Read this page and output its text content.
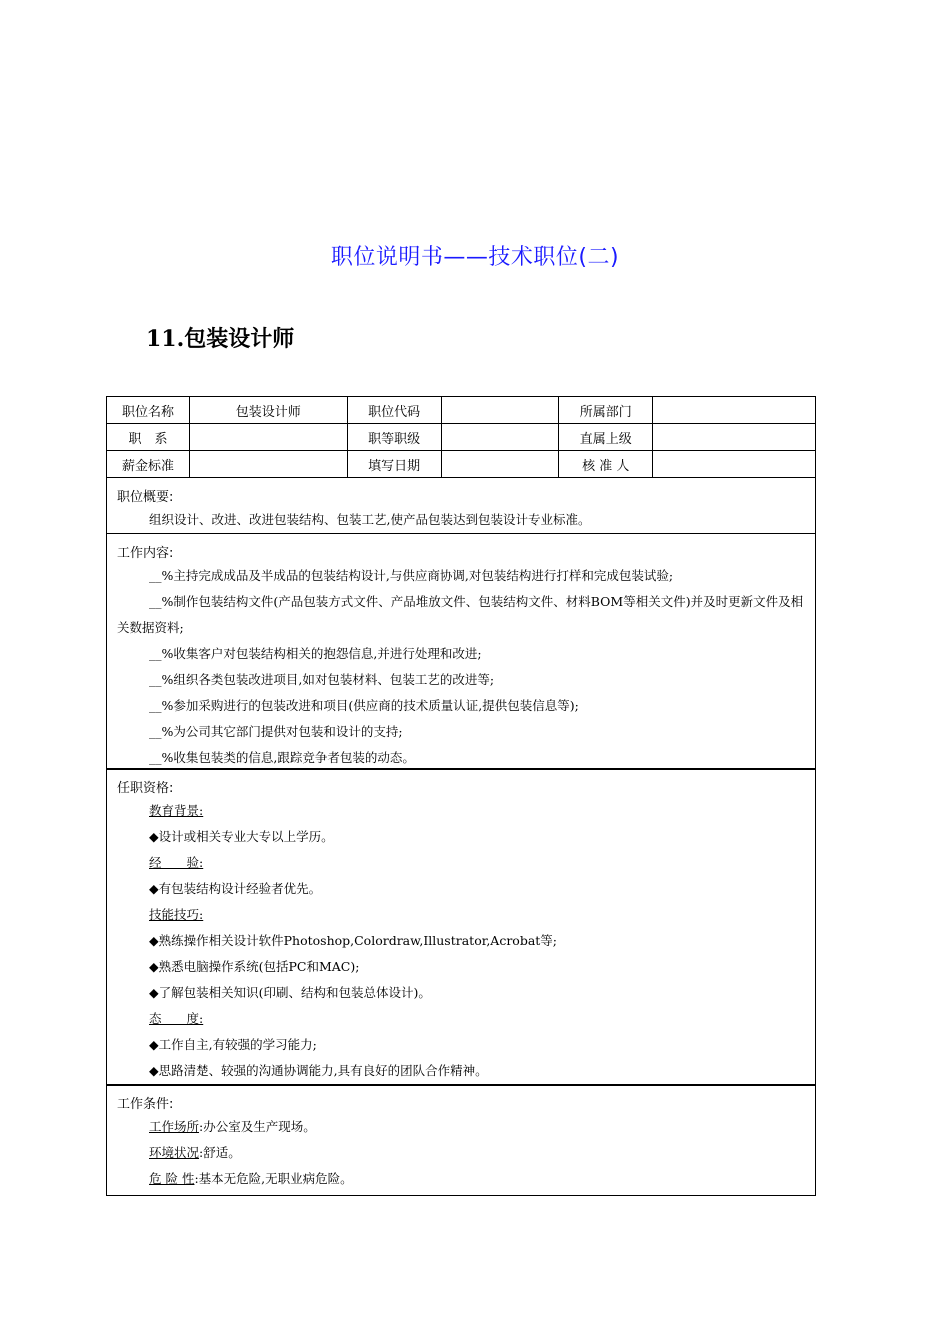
职位说明书——技术职位(二)
11.包装设计师
职位名称	包装设计师	职位代码		所属部门	
职　系		职等职级		直属上级	
薪金标准		填写日期		核 准 人	
职位概要:
组织设计、改进、改进包装结构、包装工艺,使产品包装达到包装设计专业标准。
工作内容:
__%主持完成成品及半成品的包装结构设计,与供应商协调,对包装结构进行打样和完成包装试验;
__%制作包装结构文件(产品包装方式文件、产品堆放文件、包装结构文件、材料BOM等相关文件)并及时更新文件及相关数据资料;
__%收集客户对包装结构相关的抱怨信息,并进行处理和改进;
__%组织各类包装改进项目,如对包装材料、包装工艺的改进等;
__%参加采购进行的包装改进和项目(供应商的技术质量认证,提供包装信息等);
__%为公司其它部门提供对包装和设计的支持;
__%收集包装类的信息,跟踪竞争者包装的动态。
任职资格:
教育背景:
◆设计或相关专业大专以上学历。
经　　验:
◆有包装结构设计经验者优先。
技能技巧:
◆熟练操作相关设计软件Photoshop,Colordraw,Illustrator,Acrobat等;
◆熟悉电脑操作系统(包括PC和MAC);
◆了解包装相关知识(印刷、结构和包装总体设计)。
态　　度:
◆工作自主,有较强的学习能力;
◆思路清楚、较强的沟通协调能力,具有良好的团队合作精神。
工作条件:
工作场所:办公室及生产现场。
环境状况:舒适。
危 险 性:基本无危险,无职业病危险。
